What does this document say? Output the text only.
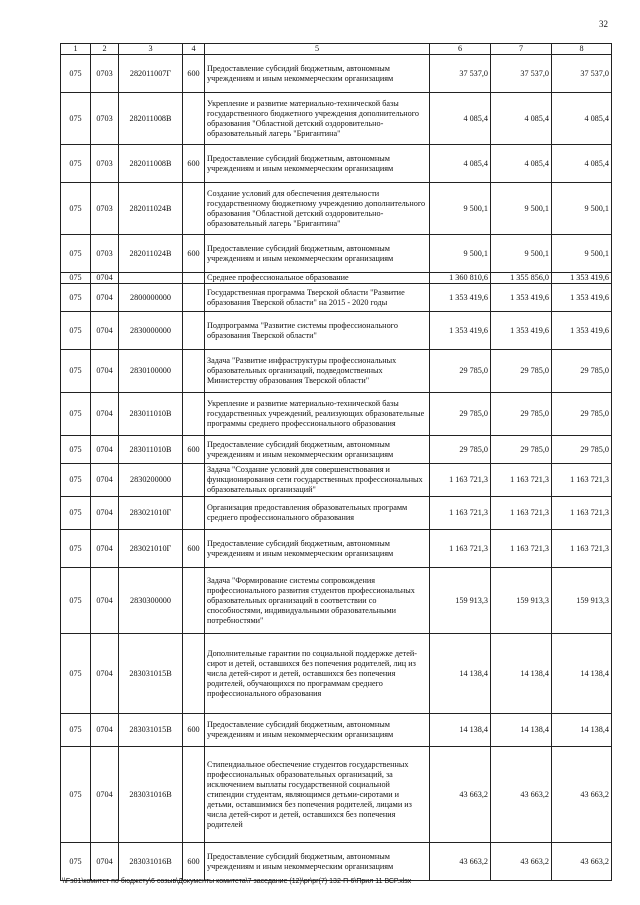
32
1	2	3	4	5	6	7	8
075	0703	282011007Г	600	Предоставление субсидий бюджетным, автономным учреждениям и иным некоммерческим организациям	37 537,0	37 537,0	37 537,0
075	0703	282011008В		Укрепление и развитие материально-технической базы государственного бюджетного учреждения дополнительного образования "Областной детский оздоровительно-образовательный лагерь "Бригантина"	4 085,4	4 085,4	4 085,4
075	0703	282011008В	600	Предоставление субсидий бюджетным, автономным учреждениям и иным некоммерческим организациям	4 085,4	4 085,4	4 085,4
075	0703	282011024В		Создание условий для обеспечения деятельности государственному бюджетному учреждению дополнительного образования "Областной детский оздоровительно-образовательный лагерь "Бригантина"	9 500,1	9 500,1	9 500,1
075	0703	282011024В	600	Предоставление субсидий бюджетным, автономным учреждениям и иным некоммерческим организациям	9 500,1	9 500,1	9 500,1
075	0704			Среднее профессиональное образование	1 360 810,6	1 355 856,0	1 353 419,6
075	0704	2800000000		Государственная программа Тверской области "Развитие образования Тверской области" на 2015 - 2020 годы	1 353 419,6	1 353 419,6	1 353 419,6
075	0704	2830000000		Подпрограмма "Развитие системы профессионального образования Тверской области"	1 353 419,6	1 353 419,6	1 353 419,6
075	0704	2830100000		Задача "Развитие инфраструктуры профессиональных образовательных организаций, подведомственных Министерству образования Тверской области"	29 785,0	29 785,0	29 785,0
075	0704	283011010В		Укрепление и развитие материально-технической базы государственных учреждений, реализующих образовательные программы среднего профессионального образования	29 785,0	29 785,0	29 785,0
075	0704	283011010В	600	Предоставление субсидий бюджетным, автономным учреждениям и иным некоммерческим организациям	29 785,0	29 785,0	29 785,0
075	0704	2830200000		Задача "Создание условий для совершенствования и функционирования сети государственных профессиональных образовательных организаций"	1 163 721,3	1 163 721,3	1 163 721,3
075	0704	283021010Г		Организация предоставления образовательных программ среднего профессионального образования	1 163 721,3	1 163 721,3	1 163 721,3
075	0704	283021010Г	600	Предоставление субсидий бюджетным, автономным учреждениям и иным некоммерческим организациям	1 163 721,3	1 163 721,3	1 163 721,3
075	0704	2830300000		Задача "Формирование системы сопровождения профессионального развития студентов профессиональных образовательных организаций в соответствии со способностями, индивидуальными образовательными потребностями"	159 913,3	159 913,3	159 913,3
075	0704	283031015В		Дополнительные гарантии по социальной поддержке детей-сирот и детей, оставшихся без попечения родителей, лиц из числа детей-сирот и детей, оставшихся без попечения родителей, обучающихся по программам среднего профессионального образования	14 138,4	14 138,4	14 138,4
075	0704	283031015В	600	Предоставление субсидий бюджетным, автономным учреждениям и иным некоммерческим организациям	14 138,4	14 138,4	14 138,4
075	0704	283031016В		Стипендиальное обеспечение студентов государственных профессиональных образовательных организаций, за исключением выплаты государственной социальной стипендии студентам, являющимся детьми-сиротами и детьми, оставшимися без попечения родителей, лицами из числа детей-сирот и детей, оставшихся без попечения родителей	43 663,2	43 663,2	43 663,2
075	0704	283031016В	600	Предоставление субсидий бюджетным, автономным учреждениям и иным некоммерческим организациям	43 663,2	43 663,2	43 663,2
\\Fs01\комитет по бюджету\6 созыв\Документы комитета\7 заседание (12)\рг\рг(7) 132-П-6\Прил 11 ВСР.xlsx
